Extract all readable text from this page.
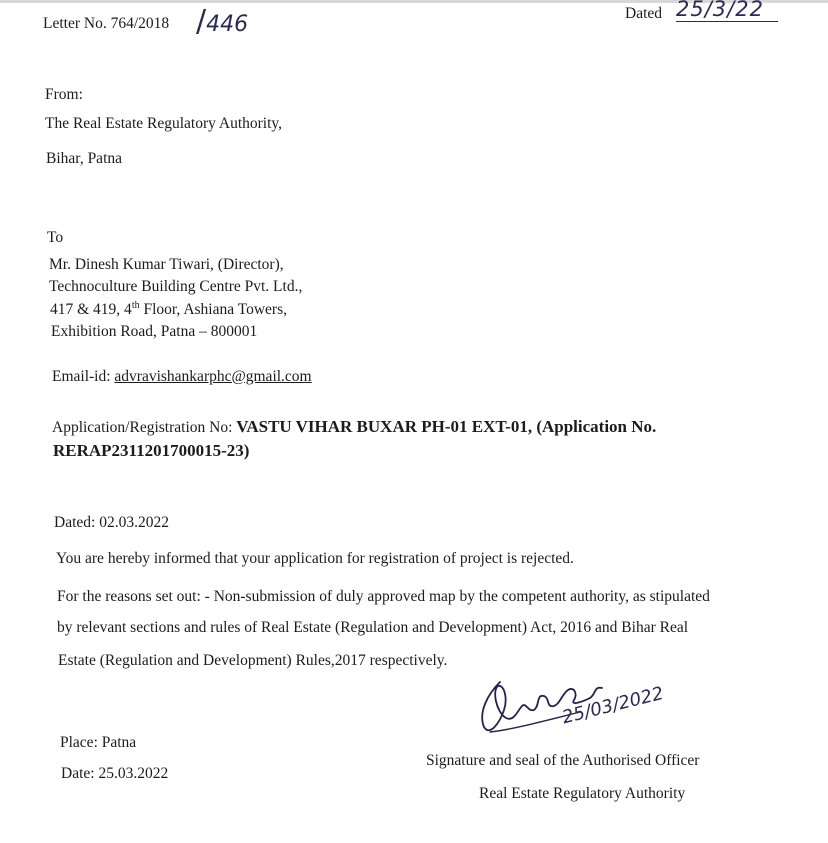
Letter No. 764/2018 /446	Dated 25/3/22
From:
The Real Estate Regulatory Authority,
Bihar, Patna
To
Mr. Dinesh Kumar Tiwari, (Director),
Technoculture Building Centre Pvt. Ltd.,
417 & 419, 4th Floor, Ashiana Towers,
Exhibition Road, Patna – 800001
Email-id: advravishankarphc@gmail.com
Application/Registration No: VASTU VIHAR BUXAR PH-01 EXT-01, (Application No.
RERAP2311201700015-23)
Dated: 02.03.2022
You are hereby informed that your application for registration of project is rejected.
For the reasons set out: - Non-submission of duly approved map by the competent authority, as stipulated
by relevant sections and rules of Real Estate (Regulation and Development) Act, 2016 and Bihar Real
Estate (Regulation and Development) Rules,2017 respectively.
25/03/2022
Place: Patna
Date: 25.03.2022
Signature and seal of the Authorised Officer
Real Estate Regulatory Authority
